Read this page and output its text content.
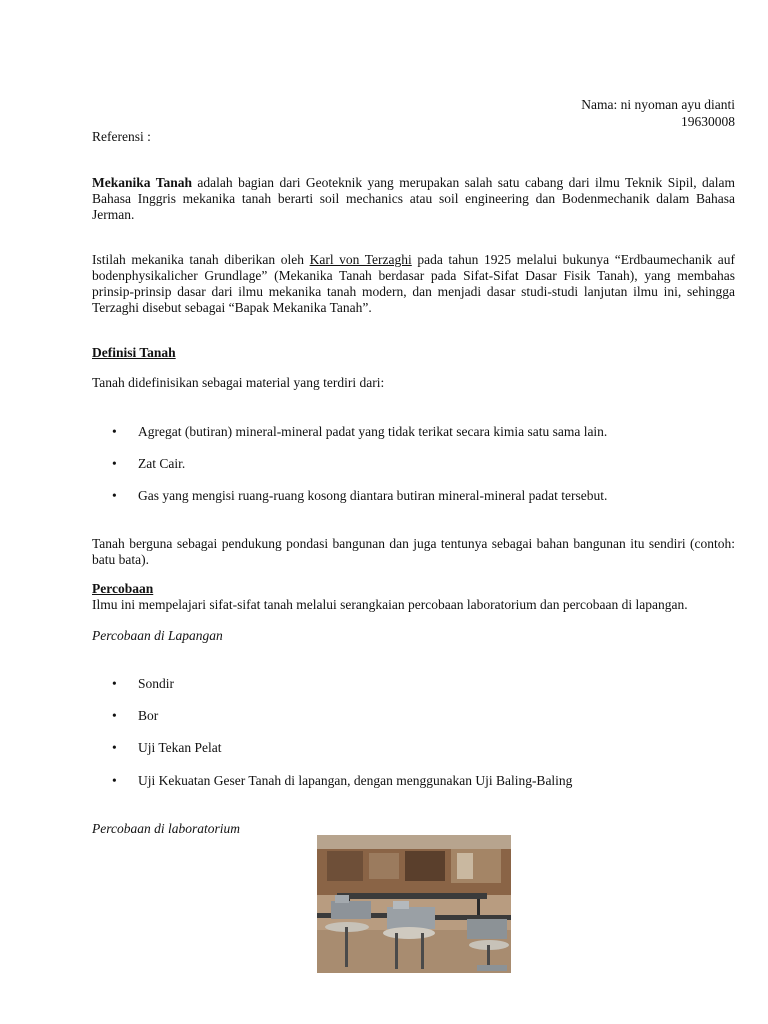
Nama: ni nyoman ayu dianti
19630008
Referensi :
Mekanika Tanah adalah bagian dari Geoteknik yang merupakan salah satu cabang dari ilmu Teknik Sipil, dalam Bahasa Inggris mekanika tanah berarti soil mechanics atau soil engineering dan Bodenmechanik dalam Bahasa Jerman.
Istilah mekanika tanah diberikan oleh Karl von Terzaghi pada tahun 1925 melalui bukunya “Erdbaumechanik auf bodenphysikalicher Grundlage” (Mekanika Tanah berdasar pada Sifat-Sifat Dasar Fisik Tanah), yang membahas prinsip-prinsip dasar dari ilmu mekanika tanah modern, dan menjadi dasar studi-studi lanjutan ilmu ini, sehingga Terzaghi disebut sebagai “Bapak Mekanika Tanah”.
Definisi Tanah
Tanah didefinisikan sebagai material yang terdiri dari:
• Agregat (butiran) mineral-mineral padat yang tidak terikat secara kimia satu sama lain.
• Zat Cair.
• Gas yang mengisi ruang-ruang kosong diantara butiran mineral-mineral padat tersebut.
Tanah berguna sebagai pendukung pondasi bangunan dan juga tentunya sebagai bahan bangunan itu sendiri (contoh: batu bata).
Percobaan
Ilmu ini mempelajari sifat-sifat tanah melalui serangkaian percobaan laboratorium dan percobaan di lapangan.
Percobaan di Lapangan
• Sondir
• Bor
• Uji Tekan Pelat
• Uji Kekuatan Geser Tanah di lapangan, dengan menggunakan Uji Baling-Baling
Percobaan di laboratorium
